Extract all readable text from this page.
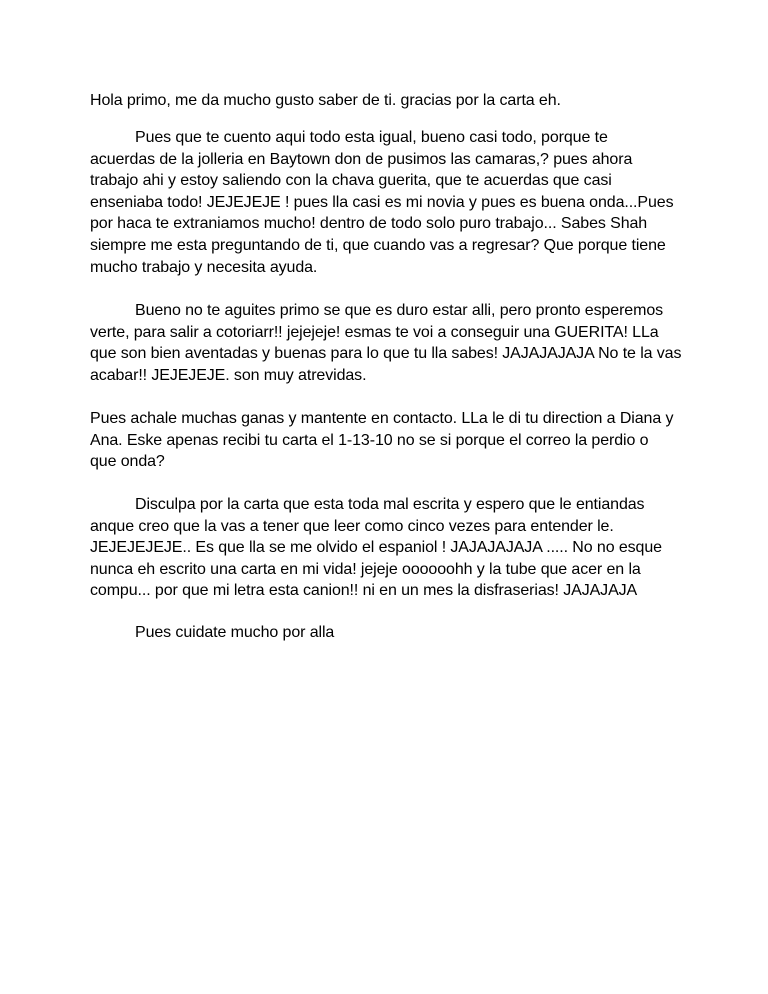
Hola primo, me da mucho gusto saber de ti. gracias por la carta eh.
Pues que te cuento aqui todo esta igual, bueno casi todo, porque te
acuerdas de la jolleria en Baytown don de pusimos las camaras,? pues ahora
trabajo ahi y estoy saliendo con la chava guerita, que te acuerdas que casi
enseniaba todo! JEJEJEJE ! pues lla casi es mi novia y pues es buena onda...Pues
por haca te extraniamos mucho! dentro de todo solo puro trabajo... Sabes Shah
siempre me esta preguntando de ti, que cuando vas a regresar? Que porque tiene
mucho trabajo y necesita ayuda.
Bueno no te aguites primo se que es duro estar alli, pero pronto esperemos
verte, para salir a cotoriarr!! jejejeje! esmas te voi a conseguir una GUERITA! LLa
que son bien aventadas y buenas para lo que tu lla sabes! JAJAJAJAJA No te la vas
acabar!! JEJEJEJE. son muy atrevidas.
Pues achale muchas ganas y mantente en contacto. LLa le di tu direction a Diana y
Ana. Eske apenas recibi tu carta el 1-13-10 no se si porque el correo la perdio o
que onda?
Disculpa por la carta que esta toda mal escrita y espero que le entiandas
anque creo que la vas a tener que leer como cinco vezes para entender le.
JEJEJEJEJE.. Es que lla se me olvido el espaniol ! JAJAJAJAJA ..... No no esque
nunca eh escrito una carta en mi vida! jejeje oooooohh y la tube que acer en la
compu... por que mi letra esta canion!! ni en un mes la disfraserias! JAJAJAJA
Pues cuidate mucho por alla
